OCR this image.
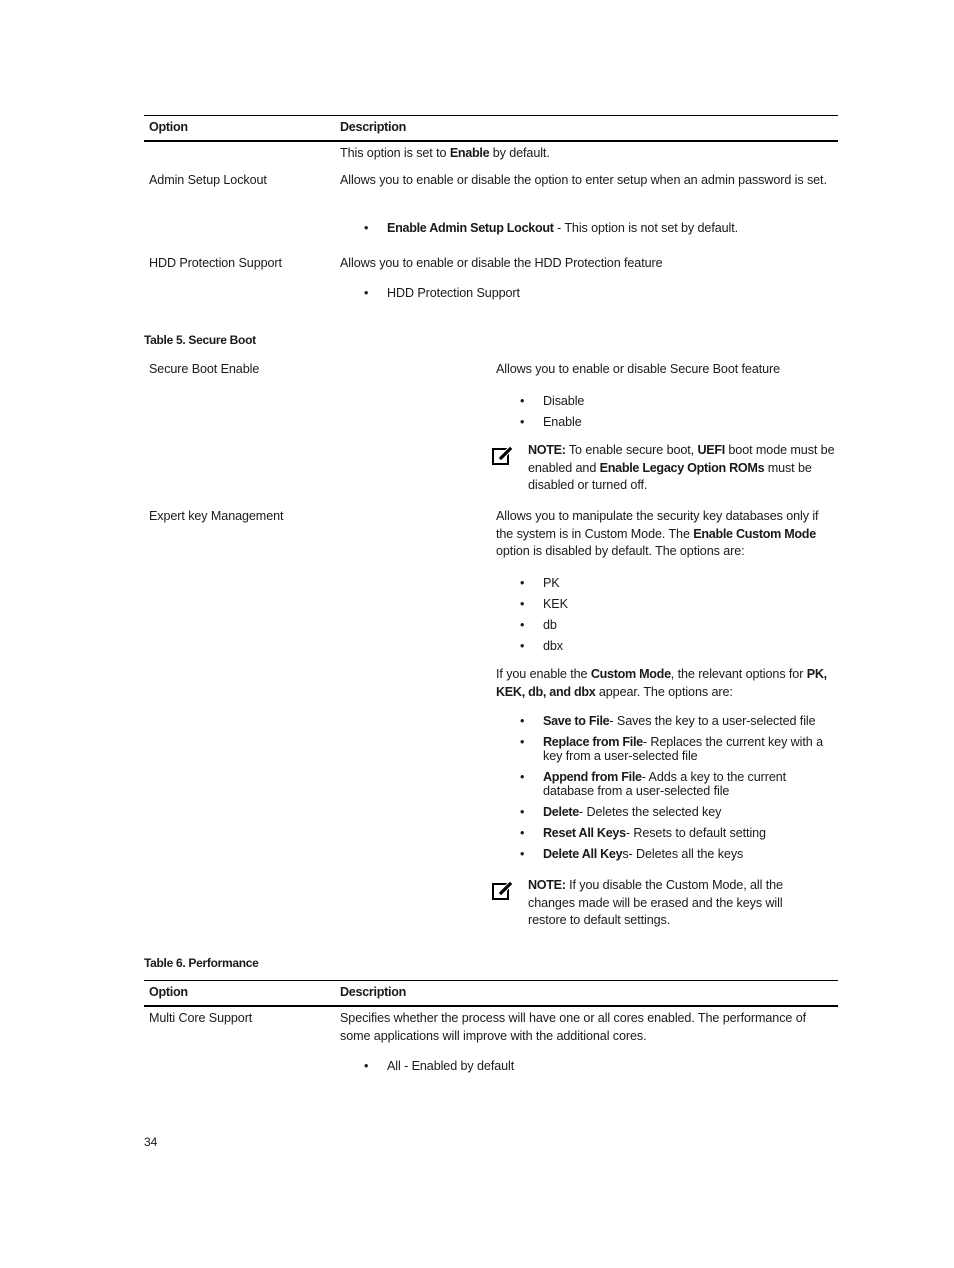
Option	Description
This option is set to Enable by default.
Admin Setup Lockout	Allows you to enable or disable the option to enter setup when an admin password is set.
• Enable Admin Setup Lockout - This option is not set by default.
HDD Protection Support	Allows you to enable or disable the HDD Protection feature
• HDD Protection Support
Table 5. Secure Boot
Secure Boot Enable	Allows you to enable or disable Secure Boot feature
• Disable
• Enable
NOTE: To enable secure boot, UEFI boot mode must be enabled and Enable Legacy Option ROMs must be disabled or turned off.
Expert key Management	Allows you to manipulate the security key databases only if the system is in Custom Mode. The Enable Custom Mode option is disabled by default. The options are:
• PK
• KEK
• db
• dbx
If you enable the Custom Mode, the relevant options for PK, KEK, db, and dbx appear. The options are:
• Save to File- Saves the key to a user-selected file
• Replace from File- Replaces the current key with a key from a user-selected file
• Append from File- Adds a key to the current database from a user-selected file
• Delete- Deletes the selected key
• Reset All Keys- Resets to default setting
• Delete All Keys- Deletes all the keys
NOTE: If you disable the Custom Mode, all the changes made will be erased and the keys will restore to default settings.
Table 6. Performance
Option	Description
Multi Core Support	Specifies whether the process will have one or all cores enabled. The performance of some applications will improve with the additional cores.
• All - Enabled by default
34
